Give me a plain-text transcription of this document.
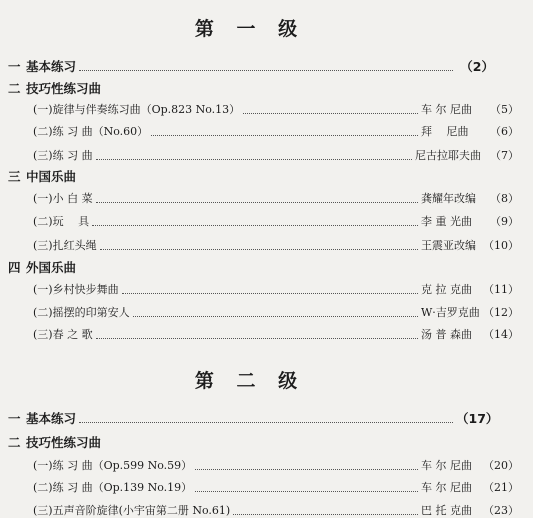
第 一 级
一 基本练习	（2）
二 技巧性练习曲
(一)旋律与伴奏练习曲（Op.823 No.13）	车 尔 尼曲	（5）
(二)练 习 曲（No.60）	拜　 尼曲	（6）
(三)练 习 曲	尼古拉耶夫曲 （7）
三 中国乐曲
(一)小 白 菜	龚耀年改编	（8）
(二)玩　 具	李 重 光曲	（9）
(三)扎红头绳	王震亚改编 （10）
四 外国乐曲
(一)乡村快步舞曲	克 拉 克曲	（11）
(二)摇摆的印第安人	W·吉罗克曲 （12）
(三)春 之 歌	汤 普 森曲	（14）
第 二 级
一 基本练习	（17）
二 技巧性练习曲
(一)练 习 曲（Op.599 No.59）	车 尔 尼曲	（20）
(二)练 习 曲（Op.139 No.19）	车 尔 尼曲	（21）
(三)五声音阶旋律(小宇宙第二册 No.61)	巴 托 克曲	（23）
